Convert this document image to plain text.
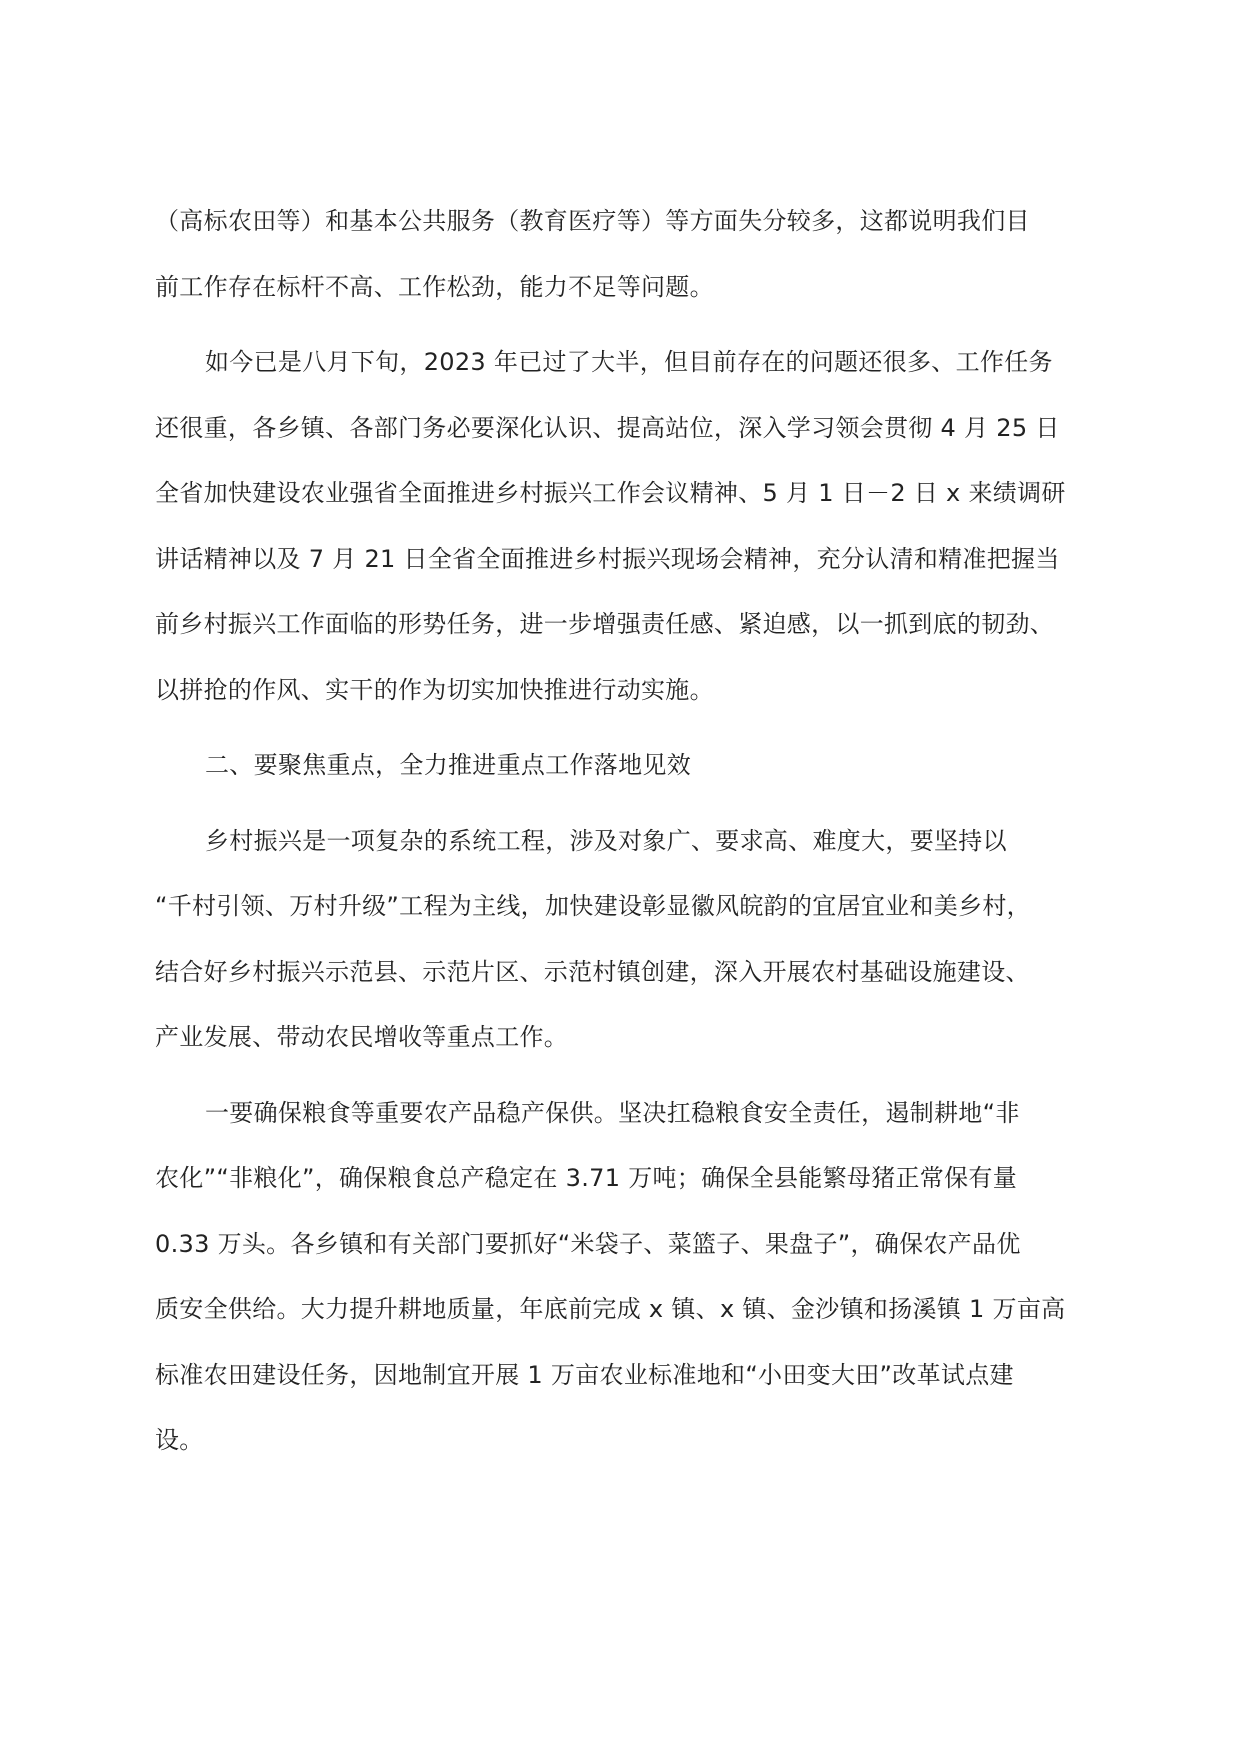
（高标农田等）和基本公共服务（教育医疗等）等方面失分较多，这都说明我们目
前工作存在标杆不高、工作松劲，能力不足等问题。
如今已是八月下旬，2023 年已过了大半，但目前存在的问题还很多、工作任务
还很重，各乡镇、各部门务必要深化认识、提高站位，深入学习领会贯彻 4 月 25 日
全省加快建设农业强省全面推进乡村振兴工作会议精神、5 月 1 日－2 日 x 来绩调研
讲话精神以及 7 月 21 日全省全面推进乡村振兴现场会精神，充分认清和精准把握当
前乡村振兴工作面临的形势任务，进一步增强责任感、紧迫感，以一抓到底的韧劲、
以拼抢的作风、实干的作为切实加快推进行动实施。
二、要聚焦重点，全力推进重点工作落地见效
乡村振兴是一项复杂的系统工程，涉及对象广、要求高、难度大，要坚持以
“千村引领、万村升级”工程为主线，加快建设彰显徽风皖韵的宜居宜业和美乡村，
结合好乡村振兴示范县、示范片区、示范村镇创建，深入开展农村基础设施建设、
产业发展、带动农民增收等重点工作。
一要确保粮食等重要农产品稳产保供。坚决扛稳粮食安全责任，遏制耕地“非
农化”“非粮化”，确保粮食总产稳定在 3.71 万吨；确保全县能繁母猪正常保有量
0.33 万头。各乡镇和有关部门要抓好“米袋子、菜篮子、果盘子”，确保农产品优
质安全供给。大力提升耕地质量，年底前完成 x 镇、x 镇、金沙镇和扬溪镇 1 万亩高
标准农田建设任务，因地制宜开展 1 万亩农业标准地和“小田变大田”改革试点建
设。
